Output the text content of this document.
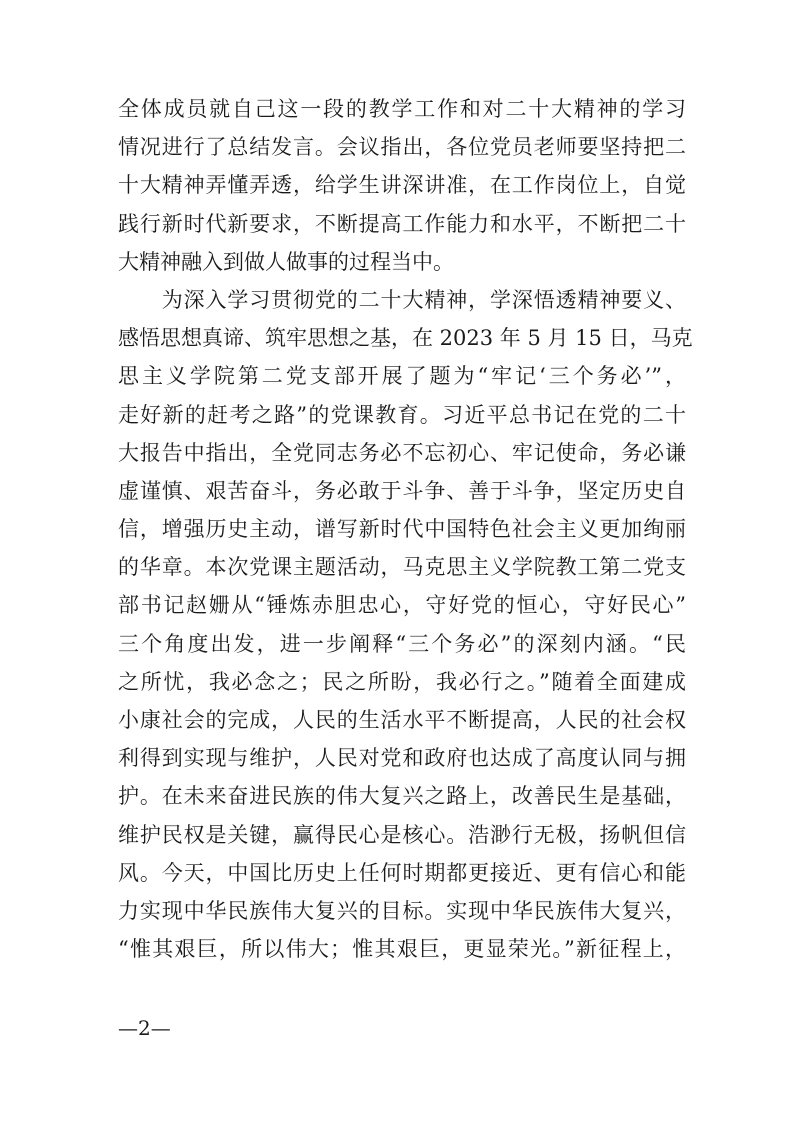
全体成员就自己这一段的教学工作和对二十大精神的学习
情况进行了总结发言。会议指出，各位党员老师要坚持把二
十大精神弄懂弄透，给学生讲深讲准，在工作岗位上，自觉
践行新时代新要求，不断提高工作能力和水平，不断把二十
大精神融入到做人做事的过程当中。
　　为深入学习贯彻党的二十大精神，学深悟透精神要义、
感悟思想真谛、筑牢思想之基，在 2023 年 5 月 15 日，马克
思主义学院第二党支部开展了题为“牢记‘三个务必’”，
走好新的赶考之路”的党课教育。习近平总书记在党的二十
大报告中指出，全党同志务必不忘初心、牢记使命，务必谦
虚谨慎、艰苦奋斗，务必敢于斗争、善于斗争，坚定历史自
信，增强历史主动，谱写新时代中国特色社会主义更加绚丽
的华章。本次党课主题活动，马克思主义学院教工第二党支
部书记赵姗从“锤炼赤胆忠心，守好党的恒心，守好民心”
三个角度出发，进一步阐释“三个务必”的深刻内涵。“民
之所忧，我必念之；民之所盼，我必行之。”随着全面建成
小康社会的完成，人民的生活水平不断提高，人民的社会权
利得到实现与维护，人民对党和政府也达成了高度认同与拥
护。在未来奋进民族的伟大复兴之路上，改善民生是基础，
维护民权是关键，赢得民心是核心。浩渺行无极，扬帆但信
风。今天，中国比历史上任何时期都更接近、更有信心和能
力实现中华民族伟大复兴的目标。实现中华民族伟大复兴，
“惟其艰巨，所以伟大；惟其艰巨，更显荣光。”新征程上，
—2—
